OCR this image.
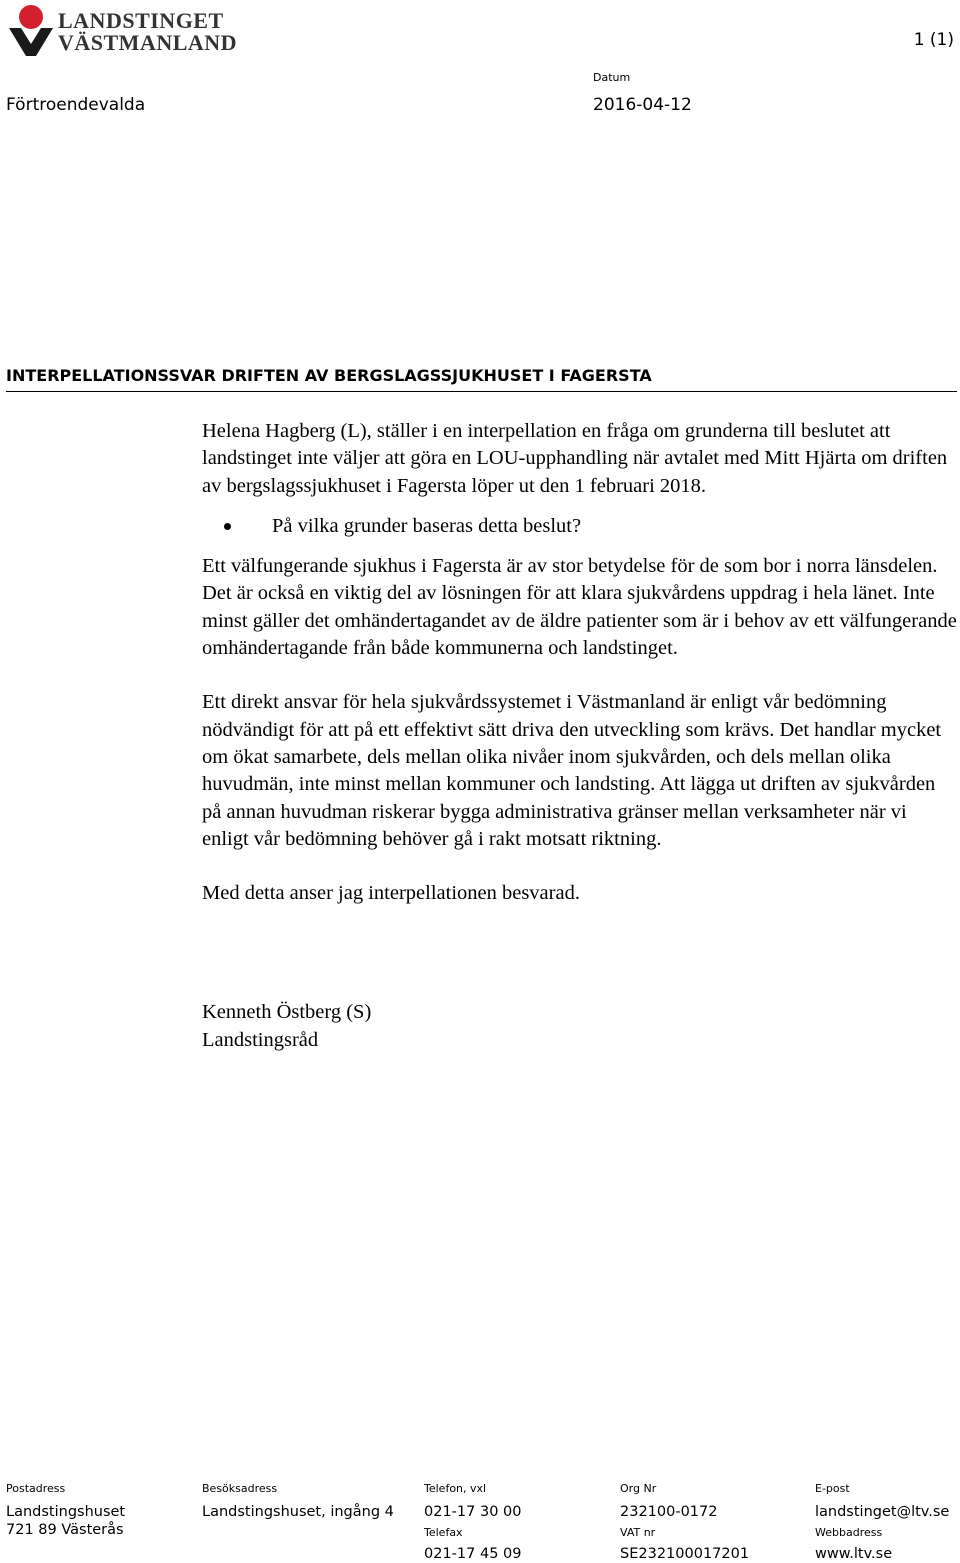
LANDSTINGET
VÄSTMANLAND	1 (1)
Förtroendevalda
Datum
2016-04-12
INTERPELLATIONSSVAR DRIFTEN AV BERGSLAGSSJUKHUSET I FAGERSTA

Helena Hagberg (L), ställer i en interpellation en fråga om grunderna till beslutet att landstinget inte väljer att göra en LOU-upphandling när avtalet med Mitt Hjärta om driften av bergslagssjukhuset i Fagersta löper ut den 1 februari 2018.

På vilka grunder baseras detta beslut?

Ett välfungerande sjukhus i Fagersta är av stor betydelse för de som bor i norra länsdelen. Det är också en viktig del av lösningen för att klara sjukvårdens uppdrag i hela länet. Inte minst gäller det omhändertagandet av de äldre patienter som är i behov av ett välfungerande omhändertagande från både kommunerna och landstinget.

Ett direkt ansvar för hela sjukvårdssystemet i Västmanland är enligt vår bedömning nödvändigt för att på ett effektivt sätt driva den utveckling som krävs. Det handlar mycket om ökat samarbete, dels mellan olika nivåer inom sjukvården, och dels mellan olika huvudmän, inte minst mellan kommuner och landsting. Att lägga ut driften av sjukvården på annan huvudman riskerar bygga administrativa gränser mellan verksamheter när vi enligt vår bedömning behöver gå i rakt motsatt riktning.

Med detta anser jag interpellationen besvarad.

Kenneth Östberg (S)

Landstingsråd

Postadress
Landstingshuset
721 89 Västerås
Besöksadress
Landstingshuset, ingång 4
Telefon, vxl
021-17 30 00
Telefax
021-17 45 09
Org Nr
232100-0172
VAT nr
SE232100017201
E-post
landstinget@ltv.se
Webbadress
www.ltv.se
